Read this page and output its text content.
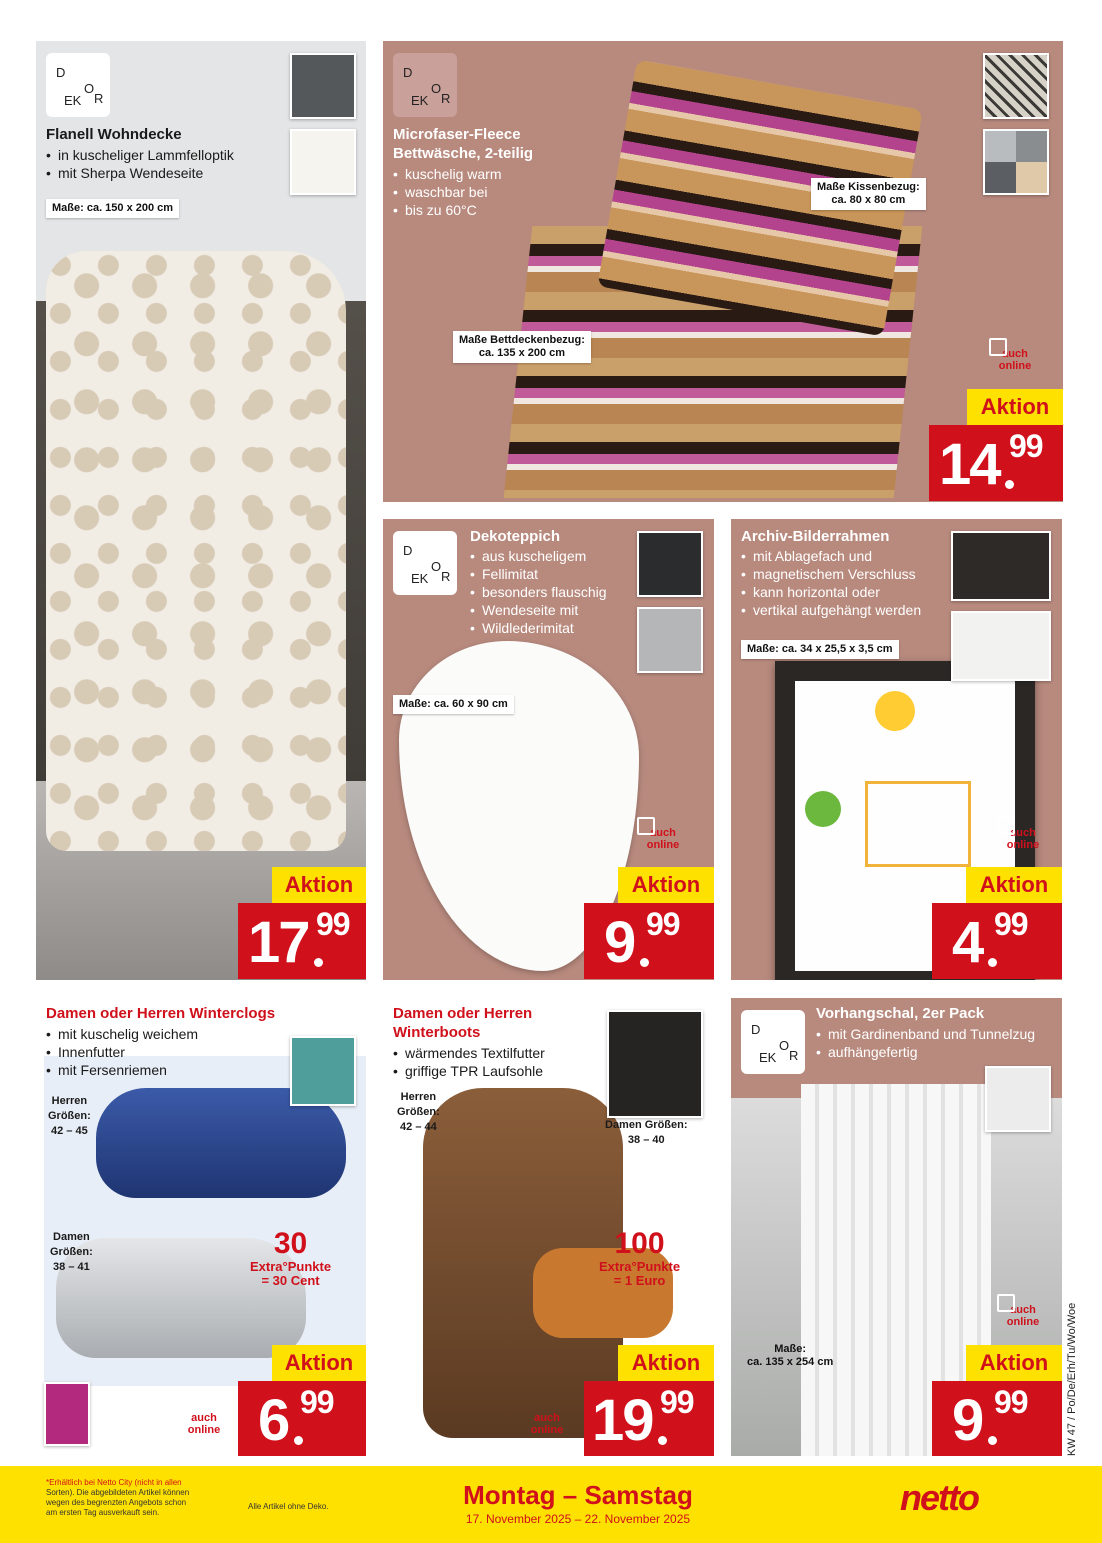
D
EK
O
R
Flanell Wohndecke
• in kuscheliger Lammfelloptik
• mit Sherpa Wendeseite
Maße: ca. 150 x 200 cm
Aktion
17 99
D
EK
O
R
Microfaser-Fleece
Bettwäsche, 2-teilig
• kuschelig warm
• waschbar bei
• bis zu 60°C
Maße Kissenbezug:
ca. 80 x 80 cm
Maße Bettdeckenbezug:
ca. 135 x 200 cm	auch
online
Aktion
14 99
D
EK
O
R
Dekoteppich
• aus kuscheligem
• Fellimitat
• besonders flauschig
• Wendeseite mit
• Wildlederimitat
Maße: ca. 60 x 90 cm
auch
online
Aktion
9 99
Archiv-Bilderrahmen
• mit Ablagefach und
• magnetischem Verschluss
• kann horizontal oder
• vertikal aufgehängt werden
Maße: ca. 34 x 25,5 x 3,5 cm
auch
online
Aktion
4 99
Damen oder Herren Winterclogs
• mit kuschelig weichem
• Innenfutter
• mit Fersenriemen
Herren
Größen:
42 – 45
Damen
Größen:
38 – 41
30
Extra°Punkte
= 30 Cent
auch
online
Aktion
6 99
Damen oder Herren
Winterboots
• wärmendes Textilfutter
• griffige TPR Laufsohle
Herren
Größen:
42 – 44	Damen Größen:
38 – 40
100
Extra°Punkte
= 1 Euro
auch
online
Aktion
19 99
D
EK
O
R
Vorhangschal, 2er Pack
• mit Gardinenband und Tunnelzug
• aufhängefertig
Maße:
ca. 135 x 254 cm
auch
online
Aktion
9 99	KW 47 / Po/De/Erh/Tu/Wo/Woe
*Erhältlich bei Netto City (nicht in allen
Sorten). Die abgebildeten Artikel können
wegen des begrenzten Angebots schon
am ersten Tag ausverkauft sein.
Alle Artikel ohne Deko.	Montag – Samstag
17. November 2025 – 22. November 2025
netto
